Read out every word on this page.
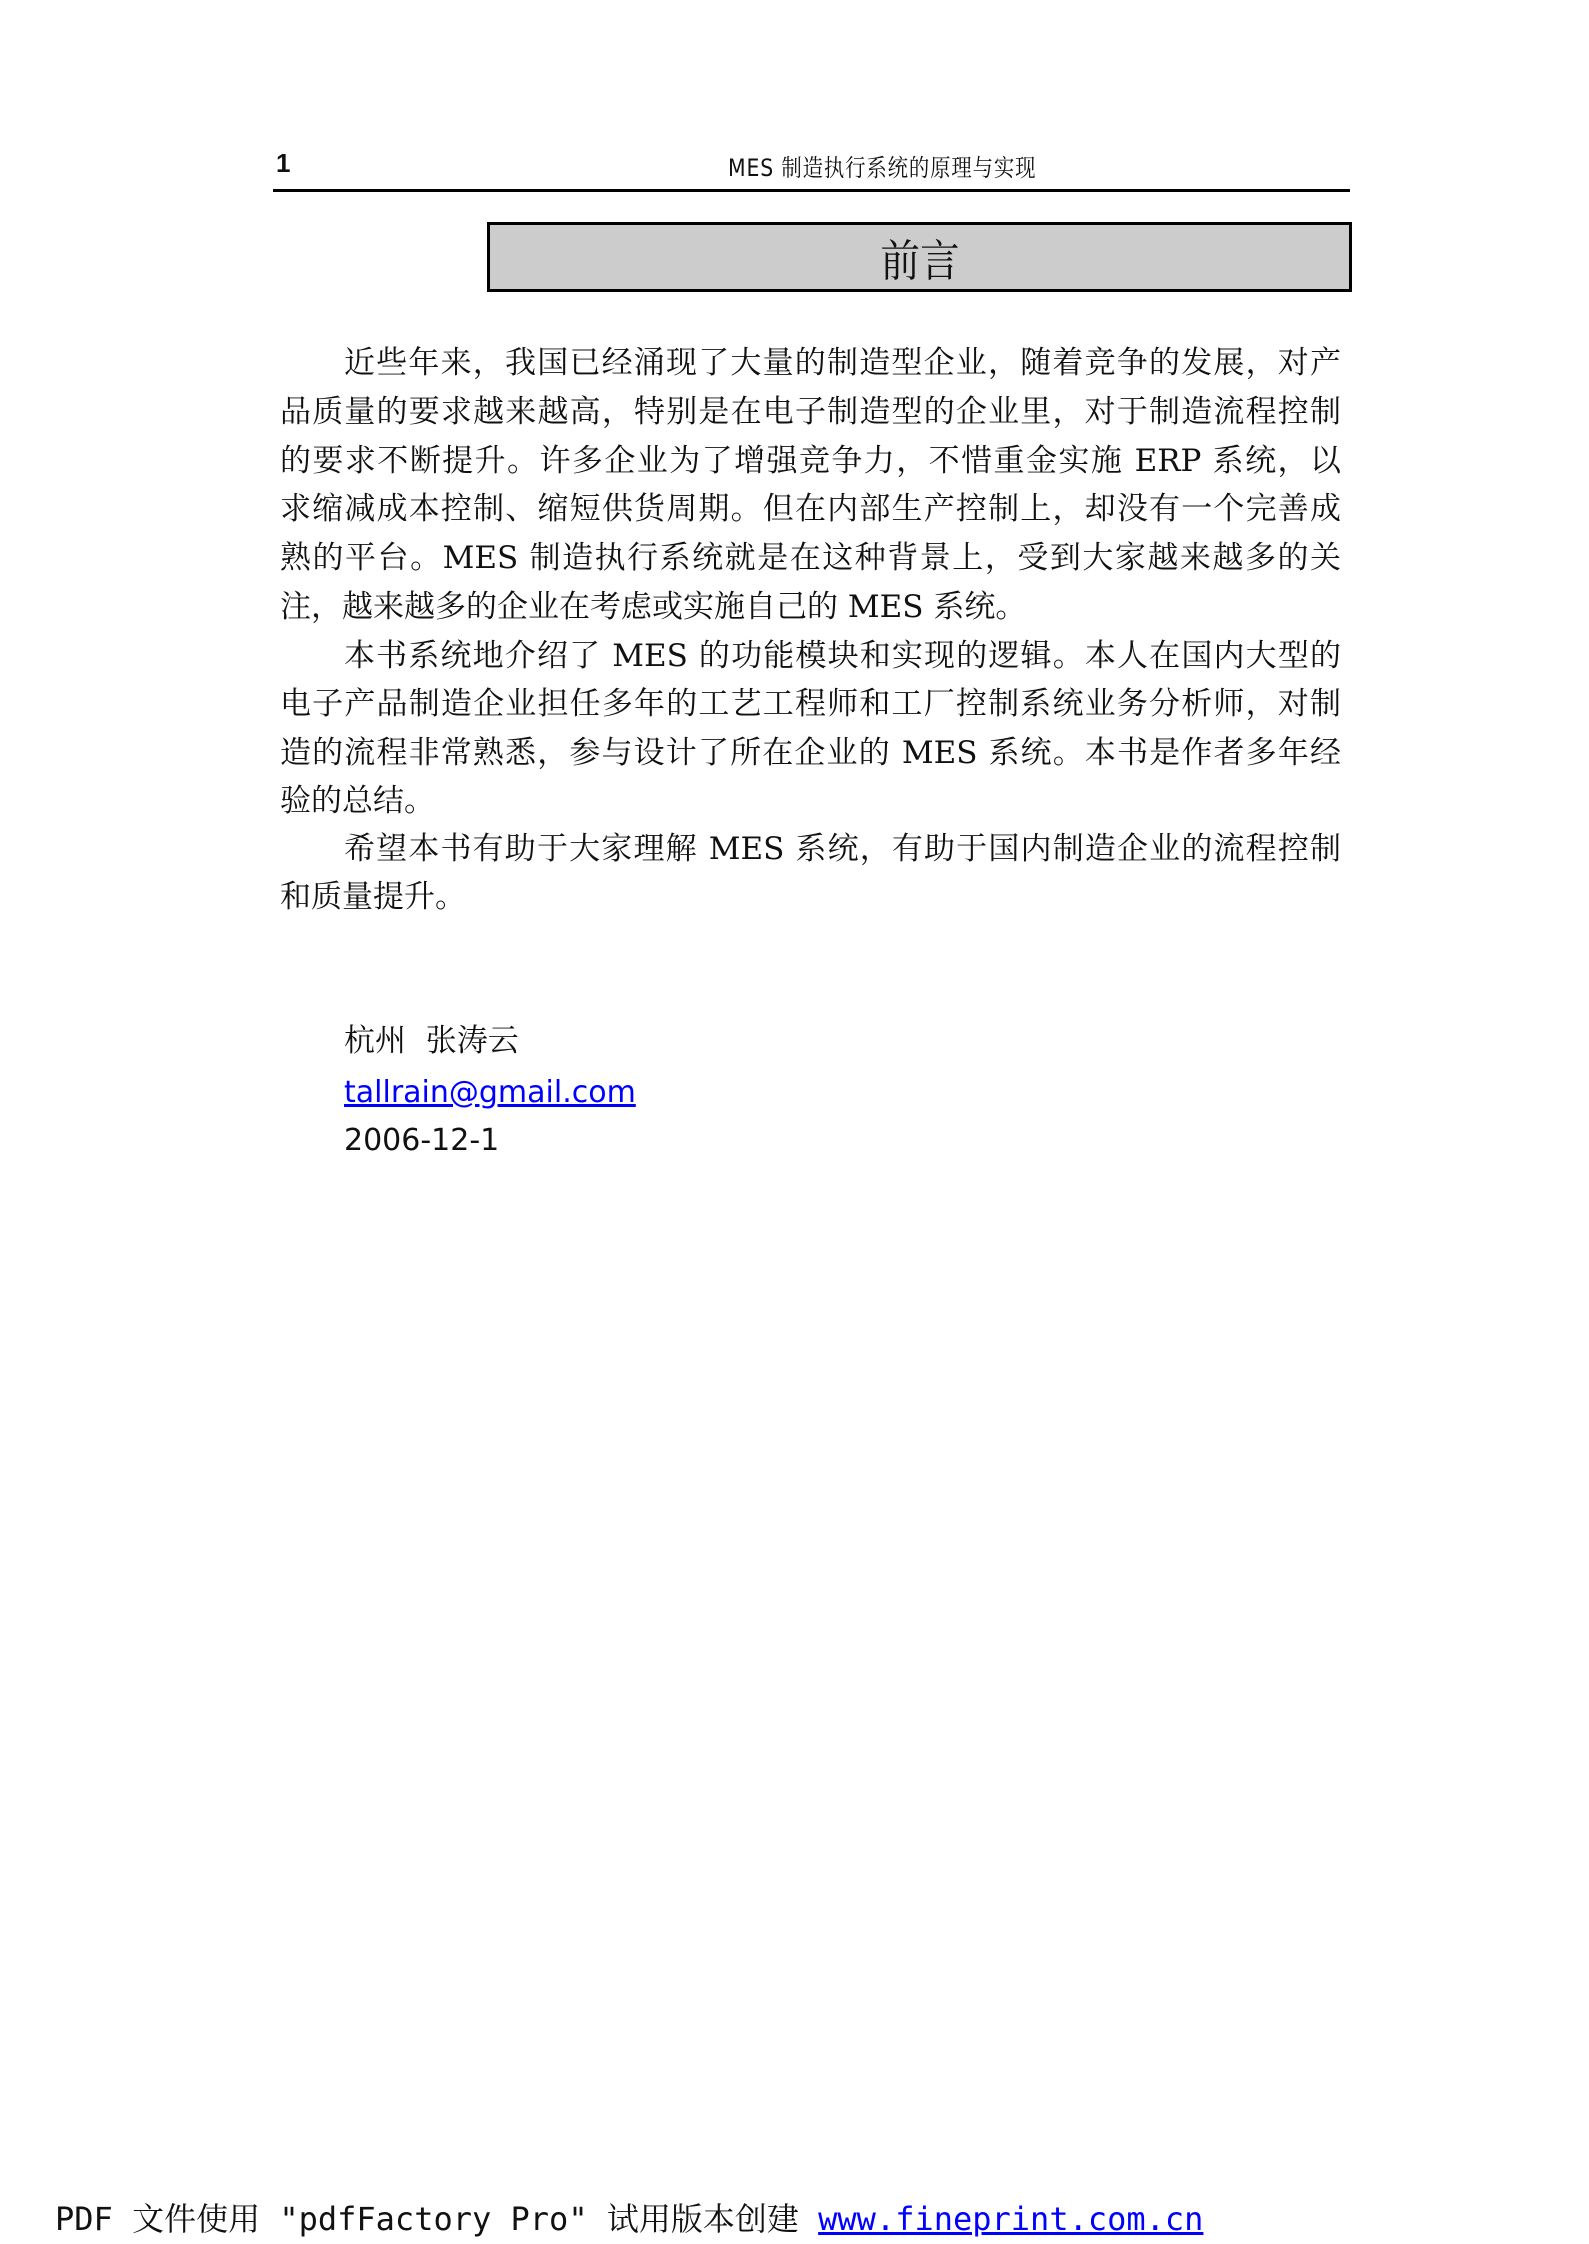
1	MES 制造执行系统的原理与实现
前言
近些年来，我国已经涌现了大量的制造型企业，随着竞争的发展，对产
品质量的要求越来越高，特别是在电子制造型的企业里，对于制造流程控制
的要求不断提升。许多企业为了增强竞争力，不惜重金实施 ERP 系统，以
求缩减成本控制、缩短供货周期。但在内部生产控制上，却没有一个完善成
熟的平台。MES 制造执行系统就是在这种背景上，受到大家越来越多的关
注，越来越多的企业在考虑或实施自己的 MES 系统。
本书系统地介绍了 MES 的功能模块和实现的逻辑。本人在国内大型的
电子产品制造企业担任多年的工艺工程师和工厂控制系统业务分析师，对制
造的流程非常熟悉，参与设计了所在企业的 MES 系统。本书是作者多年经
验的总结。
希望本书有助于大家理解 MES 系统，有助于国内制造企业的流程控制
和质量提升。
杭州  张涛云
tallrain@gmail.com
2006-12-1
PDF 文件使用 "pdfFactory Pro" 试用版本创建 www.fineprint.com.cn
